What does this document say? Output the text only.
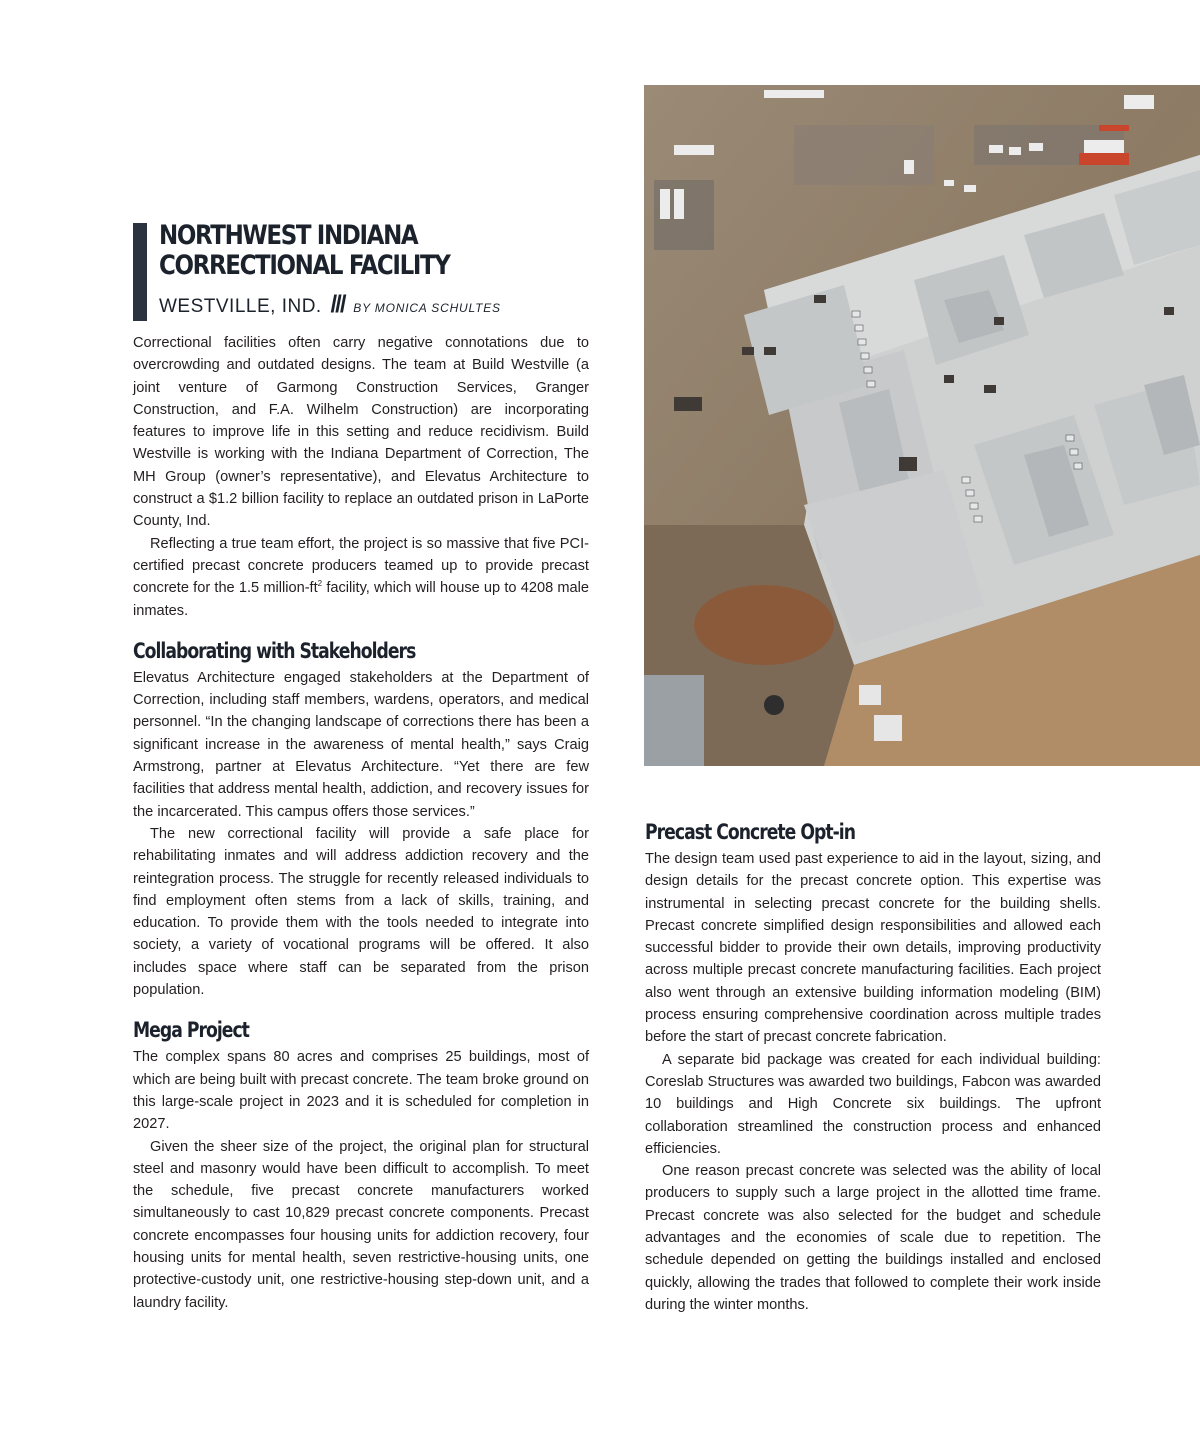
NORTHWEST INDIANA
CORRECTIONAL FACILITY
WESTVILLE, IND. /// BY MONICA SCHULTES

Correctional facilities often carry negative connotations due to overcrowding and outdated designs. The team at Build Westville (a joint venture of Garmong Construction Services, Granger Construction, and F.A. Wilhelm Construction) are incorporating features to improve life in this setting and reduce recidivism. Build Westville is working with the Indiana Department of Correction, The MH Group (owner’s representative), and Elevatus Architecture to construct a $1.2 billion facility to replace an outdated prison in LaPorte County, Ind.

Reflecting a true team effort, the project is so massive that five PCI-certified precast concrete producers teamed up to provide precast concrete for the 1.5 million-$ft^2$ facility, which will house up to 4208 male inmates.

Collaborating with Stakeholders

Elevatus Architecture engaged stakeholders at the Department of Correction, including staff members, wardens, operators, and medical personnel. “In the changing landscape of corrections there has been a significant increase in the awareness of mental health,” says Craig Armstrong, partner at Elevatus Architecture. “Yet there are few facilities that address mental health, addiction, and recovery issues for the incarcerated. This campus offers those services.”

The new correctional facility will provide a safe place for rehabilitating inmates and will address addiction recovery and the reintegration process. The struggle for recently released individuals to find employment often stems from a lack of skills, training, and education. To provide them with the tools needed to integrate into society, a variety of vocational programs will be offered. It also includes space where staff can be separated from the prison population.

Mega Project

The complex spans 80 acres and comprises 25 buildings, most of which are being built with precast concrete. The team broke ground on this large-scale project in 2023 and it is scheduled for completion in 2027.

Given the sheer size of the project, the original plan for structural steel and masonry would have been difficult to accomplish. To meet the schedule, five precast concrete manufacturers worked simultaneously to cast 10,829 precast concrete components. Precast concrete encompasses four housing units for addiction recovery, four housing units for mental health, seven restrictive-housing units, one protective-custody unit, one restrictive-housing step-down unit, and a laundry facility.

Precast Concrete Opt-in

The design team used past experience to aid in the layout, sizing, and design details for the precast concrete option. This expertise was instrumental in selecting precast concrete for the building shells. Precast concrete simplified design responsibilities and allowed each successful bidder to provide their own details, improving productivity across multiple precast concrete manufacturing facilities. Each project also went through an extensive building information modeling (BIM) process ensuring comprehensive coordination across multiple trades before the start of precast concrete fabrication.

A separate bid package was created for each individual building: Coreslab Structures was awarded two buildings, Fabcon was awarded 10 buildings and High Concrete six buildings. The upfront collaboration streamlined the construction process and enhanced efficiencies.

One reason precast concrete was selected was the ability of local producers to supply such a large project in the allotted time frame. Precast concrete was also selected for the budget and schedule advantages and the economies of scale due to repetition. The schedule depended on getting the buildings installed and enclosed quickly, allowing the trades that followed to complete their work inside during the winter months.
